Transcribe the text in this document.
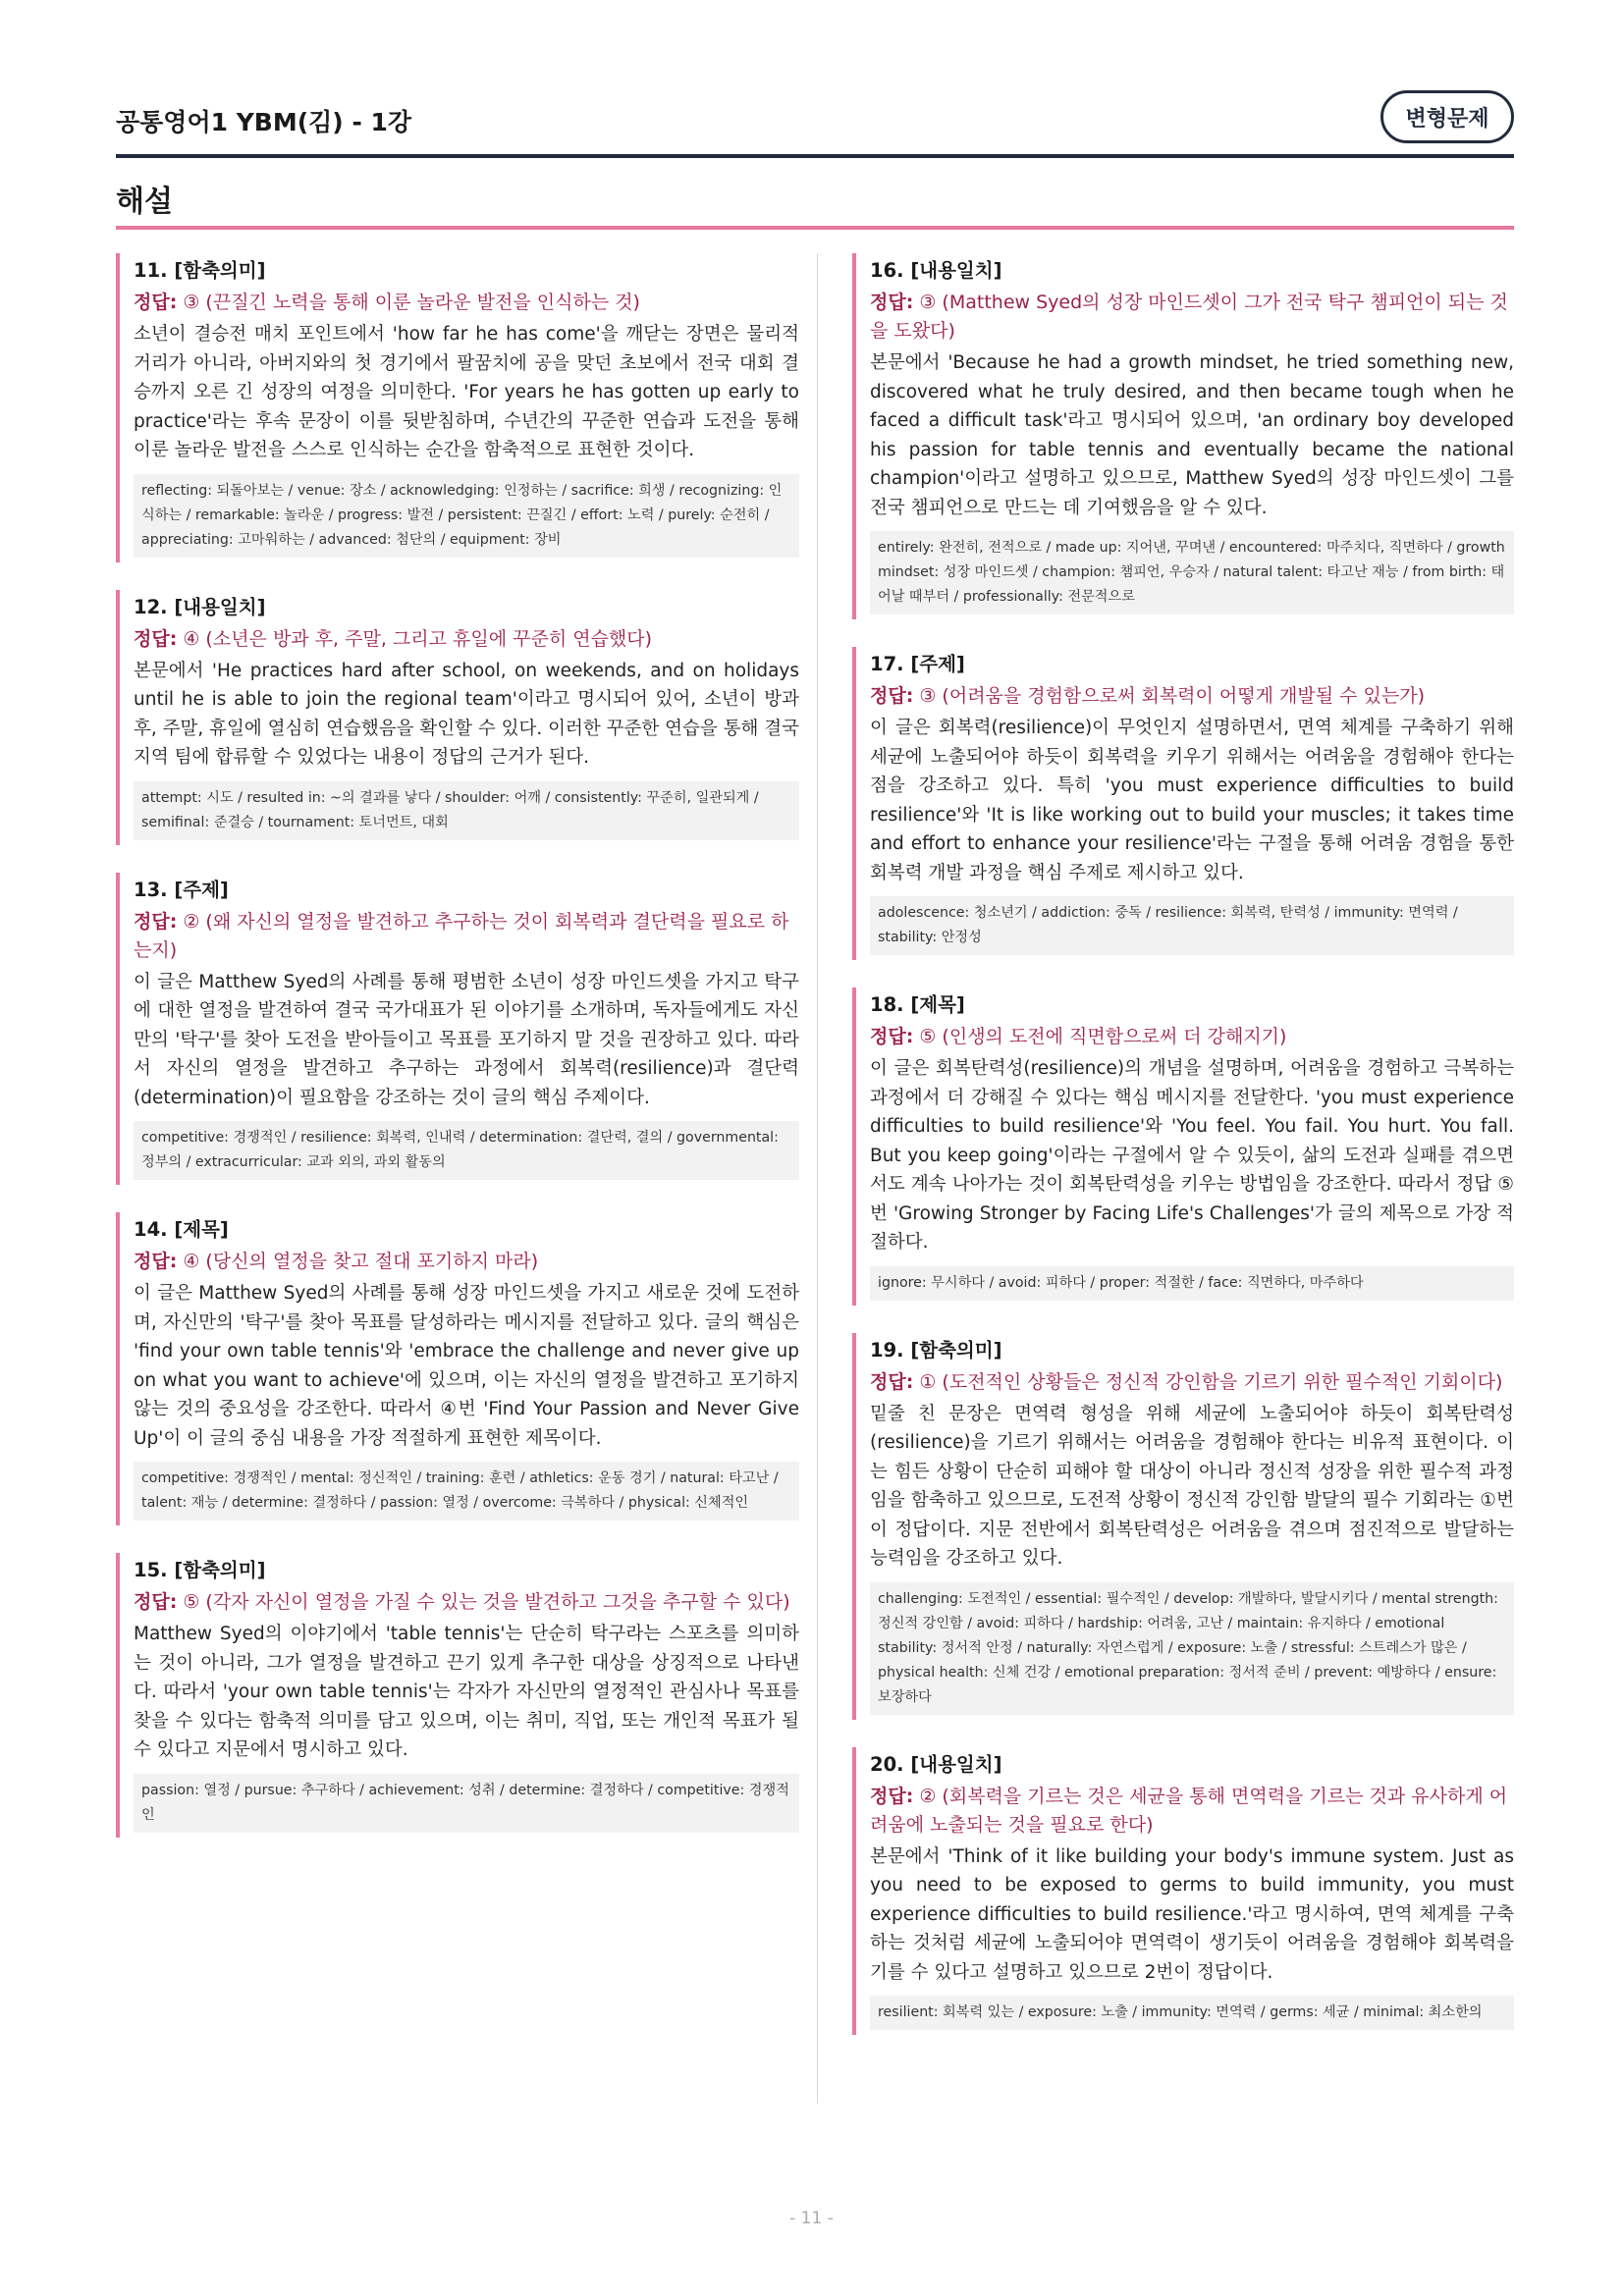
공통영어1 YBM(김) - 1강	변형문제
해설
11. [함축의미]
정답: ③ (끈질긴 노력을 통해 이룬 놀라운 발전을 인식하는 것)
소년이 결승전 매치 포인트에서 'how far he has come'을 깨닫는 장면은 물리적 거리가 아니라, 아버지와의 첫 경기에서 팔꿈치에 공을 맞던 초보에서 전국 대회 결승까지 오른 긴 성장의 여정을 의미한다. 'For years he has gotten up early to practice'라는 후속 문장이 이를 뒷받침하며, 수년간의 꾸준한 연습과 도전을 통해 이룬 놀라운 발전을 스스로 인식하는 순간을 함축적으로 표현한 것이다.
reflecting: 되돌아보는 / venue: 장소 / acknowledging: 인정하는 / sacrifice: 희생 / recognizing: 인식하는 / remarkable: 놀라운 / progress: 발전 / persistent: 끈질긴 / effort: 노력 / purely: 순전히 / appreciating: 고마워하는 / advanced: 첨단의 / equipment: 장비
12. [내용일치]
정답: ④ (소년은 방과 후, 주말, 그리고 휴일에 꾸준히 연습했다)
본문에서 'He practices hard after school, on weekends, and on holidays until he is able to join the regional team'이라고 명시되어 있어, 소년이 방과 후, 주말, 휴일에 열심히 연습했음을 확인할 수 있다. 이러한 꾸준한 연습을 통해 결국 지역 팀에 합류할 수 있었다는 내용이 정답의 근거가 된다.
attempt: 시도 / resulted in: ~의 결과를 낳다 / shoulder: 어깨 / consistently: 꾸준히, 일관되게 / semifinal: 준결승 / tournament: 토너먼트, 대회
13. [주제]
정답: ② (왜 자신의 열정을 발견하고 추구하는 것이 회복력과 결단력을 필요로 하는지)
이 글은 Matthew Syed의 사례를 통해 평범한 소년이 성장 마인드셋을 가지고 탁구에 대한 열정을 발견하여 결국 국가대표가 된 이야기를 소개하며, 독자들에게도 자신만의 '탁구'를 찾아 도전을 받아들이고 목표를 포기하지 말 것을 권장하고 있다. 따라서 자신의 열정을 발견하고 추구하는 과정에서 회복력(resilience)과 결단력(determination)이 필요함을 강조하는 것이 글의 핵심 주제이다.
competitive: 경쟁적인 / resilience: 회복력, 인내력 / determination: 결단력, 결의 / governmental: 정부의 / extracurricular: 교과 외의, 과외 활동의
14. [제목]
정답: ④ (당신의 열정을 찾고 절대 포기하지 마라)
이 글은 Matthew Syed의 사례를 통해 성장 마인드셋을 가지고 새로운 것에 도전하며, 자신만의 '탁구'를 찾아 목표를 달성하라는 메시지를 전달하고 있다. 글의 핵심은 'find your own table tennis'와 'embrace the challenge and never give up on what you want to achieve'에 있으며, 이는 자신의 열정을 발견하고 포기하지 않는 것의 중요성을 강조한다. 따라서 ④번 'Find Your Passion and Never Give Up'이 이 글의 중심 내용을 가장 적절하게 표현한 제목이다.
competitive: 경쟁적인 / mental: 정신적인 / training: 훈련 / athletics: 운동 경기 / natural: 타고난 / talent: 재능 / determine: 결정하다 / passion: 열정 / overcome: 극복하다 / physical: 신체적인
15. [함축의미]
정답: ⑤ (각자 자신이 열정을 가질 수 있는 것을 발견하고 그것을 추구할 수 있다)
Matthew Syed의 이야기에서 'table tennis'는 단순히 탁구라는 스포츠를 의미하는 것이 아니라, 그가 열정을 발견하고 끈기 있게 추구한 대상을 상징적으로 나타낸다. 따라서 'your own table tennis'는 각자가 자신만의 열정적인 관심사나 목표를 찾을 수 있다는 함축적 의미를 담고 있으며, 이는 취미, 직업, 또는 개인적 목표가 될 수 있다고 지문에서 명시하고 있다.
passion: 열정 / pursue: 추구하다 / achievement: 성취 / determine: 결정하다 / competitive: 경쟁적인
16. [내용일치]
정답: ③ (Matthew Syed의 성장 마인드셋이 그가 전국 탁구 챔피언이 되는 것을 도왔다)
본문에서 'Because he had a growth mindset, he tried something new, discovered what he truly desired, and then became tough when he faced a difficult task'라고 명시되어 있으며, 'an ordinary boy developed his passion for table tennis and eventually became the national champion'이라고 설명하고 있으므로, Matthew Syed의 성장 마인드셋이 그를 전국 챔피언으로 만드는 데 기여했음을 알 수 있다.
entirely: 완전히, 전적으로 / made up: 지어낸, 꾸며낸 / encountered: 마주치다, 직면하다 / growth mindset: 성장 마인드셋 / champion: 챔피언, 우승자 / natural talent: 타고난 재능 / from birth: 태어날 때부터 / professionally: 전문적으로
17. [주제]
정답: ③ (어려움을 경험함으로써 회복력이 어떻게 개발될 수 있는가)
이 글은 회복력(resilience)이 무엇인지 설명하면서, 면역 체계를 구축하기 위해 세균에 노출되어야 하듯이 회복력을 키우기 위해서는 어려움을 경험해야 한다는 점을 강조하고 있다. 특히 'you must experience difficulties to build resilience'와 'It is like working out to build your muscles; it takes time and effort to enhance your resilience'라는 구절을 통해 어려움 경험을 통한 회복력 개발 과정을 핵심 주제로 제시하고 있다.
adolescence: 청소년기 / addiction: 중독 / resilience: 회복력, 탄력성 / immunity: 면역력 / stability: 안정성
18. [제목]
정답: ⑤ (인생의 도전에 직면함으로써 더 강해지기)
이 글은 회복탄력성(resilience)의 개념을 설명하며, 어려움을 경험하고 극복하는 과정에서 더 강해질 수 있다는 핵심 메시지를 전달한다. 'you must experience difficulties to build resilience'와 'You feel. You fail. You hurt. You fall. But you keep going'이라는 구절에서 알 수 있듯이, 삶의 도전과 실패를 겪으면서도 계속 나아가는 것이 회복탄력성을 키우는 방법임을 강조한다. 따라서 정답 ⑤번 'Growing Stronger by Facing Life's Challenges'가 글의 제목으로 가장 적절하다.
ignore: 무시하다 / avoid: 피하다 / proper: 적절한 / face: 직면하다, 마주하다
19. [함축의미]
정답: ① (도전적인 상황들은 정신적 강인함을 기르기 위한 필수적인 기회이다)
밑줄 친 문장은 면역력 형성을 위해 세균에 노출되어야 하듯이 회복탄력성(resilience)을 기르기 위해서는 어려움을 경험해야 한다는 비유적 표현이다. 이는 힘든 상황이 단순히 피해야 할 대상이 아니라 정신적 성장을 위한 필수적 과정임을 함축하고 있으므로, 도전적 상황이 정신적 강인함 발달의 필수 기회라는 ①번이 정답이다. 지문 전반에서 회복탄력성은 어려움을 겪으며 점진적으로 발달하는 능력임을 강조하고 있다.
challenging: 도전적인 / essential: 필수적인 / develop: 개발하다, 발달시키다 / mental strength: 정신적 강인함 / avoid: 피하다 / hardship: 어려움, 고난 / maintain: 유지하다 / emotional stability: 정서적 안정 / naturally: 자연스럽게 / exposure: 노출 / stressful: 스트레스가 많은 / physical health: 신체 건강 / emotional preparation: 정서적 준비 / prevent: 예방하다 / ensure: 보장하다
20. [내용일치]
정답: ② (회복력을 기르는 것은 세균을 통해 면역력을 기르는 것과 유사하게 어려움에 노출되는 것을 필요로 한다)
본문에서 'Think of it like building your body's immune system. Just as you need to be exposed to germs to build immunity, you must experience difficulties to build resilience.'라고 명시하여, 면역 체계를 구축하는 것처럼 세균에 노출되어야 면역력이 생기듯이 어려움을 경험해야 회복력을 기를 수 있다고 설명하고 있으므로 2번이 정답이다.
resilient: 회복력 있는 / exposure: 노출 / immunity: 면역력 / germs: 세균 / minimal: 최소한의
- 11 -
